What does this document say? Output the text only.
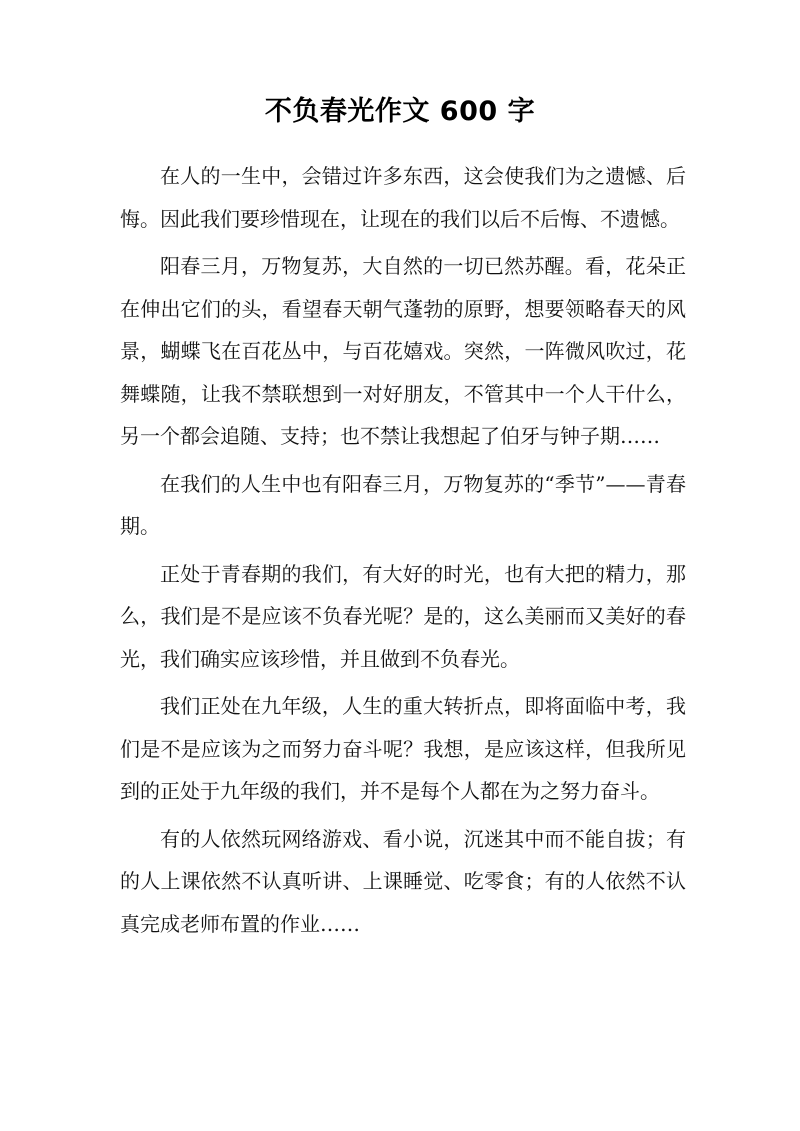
不负春光作文 600 字

在人的一生中，会错过许多东西，这会使我们为之遗憾、后悔。因此我们要珍惜现在，让现在的我们以后不后悔、不遗憾。

阳春三月，万物复苏，大自然的一切已然苏醒。看，花朵正在伸出它们的头，看望春天朝气蓬勃的原野，想要领略春天的风景，蝴蝶飞在百花丛中，与百花嬉戏。突然，一阵微风吹过，花舞蝶随，让我不禁联想到一对好朋友，不管其中一个人干什么，另一个都会追随、支持；也不禁让我想起了伯牙与钟子期……

在我们的人生中也有阳春三月，万物复苏的“季节”——青春期。

正处于青春期的我们，有大好的时光，也有大把的精力，那么，我们是不是应该不负春光呢？是的，这么美丽而又美好的春光，我们确实应该珍惜，并且做到不负春光。

我们正处在九年级，人生的重大转折点，即将面临中考，我们是不是应该为之而努力奋斗呢？我想，是应该这样，但我所见到的正处于九年级的我们，并不是每个人都在为之努力奋斗。

有的人依然玩网络游戏、看小说，沉迷其中而不能自拔；有的人上课依然不认真听讲、上课睡觉、吃零食；有的人依然不认真完成老师布置的作业……
